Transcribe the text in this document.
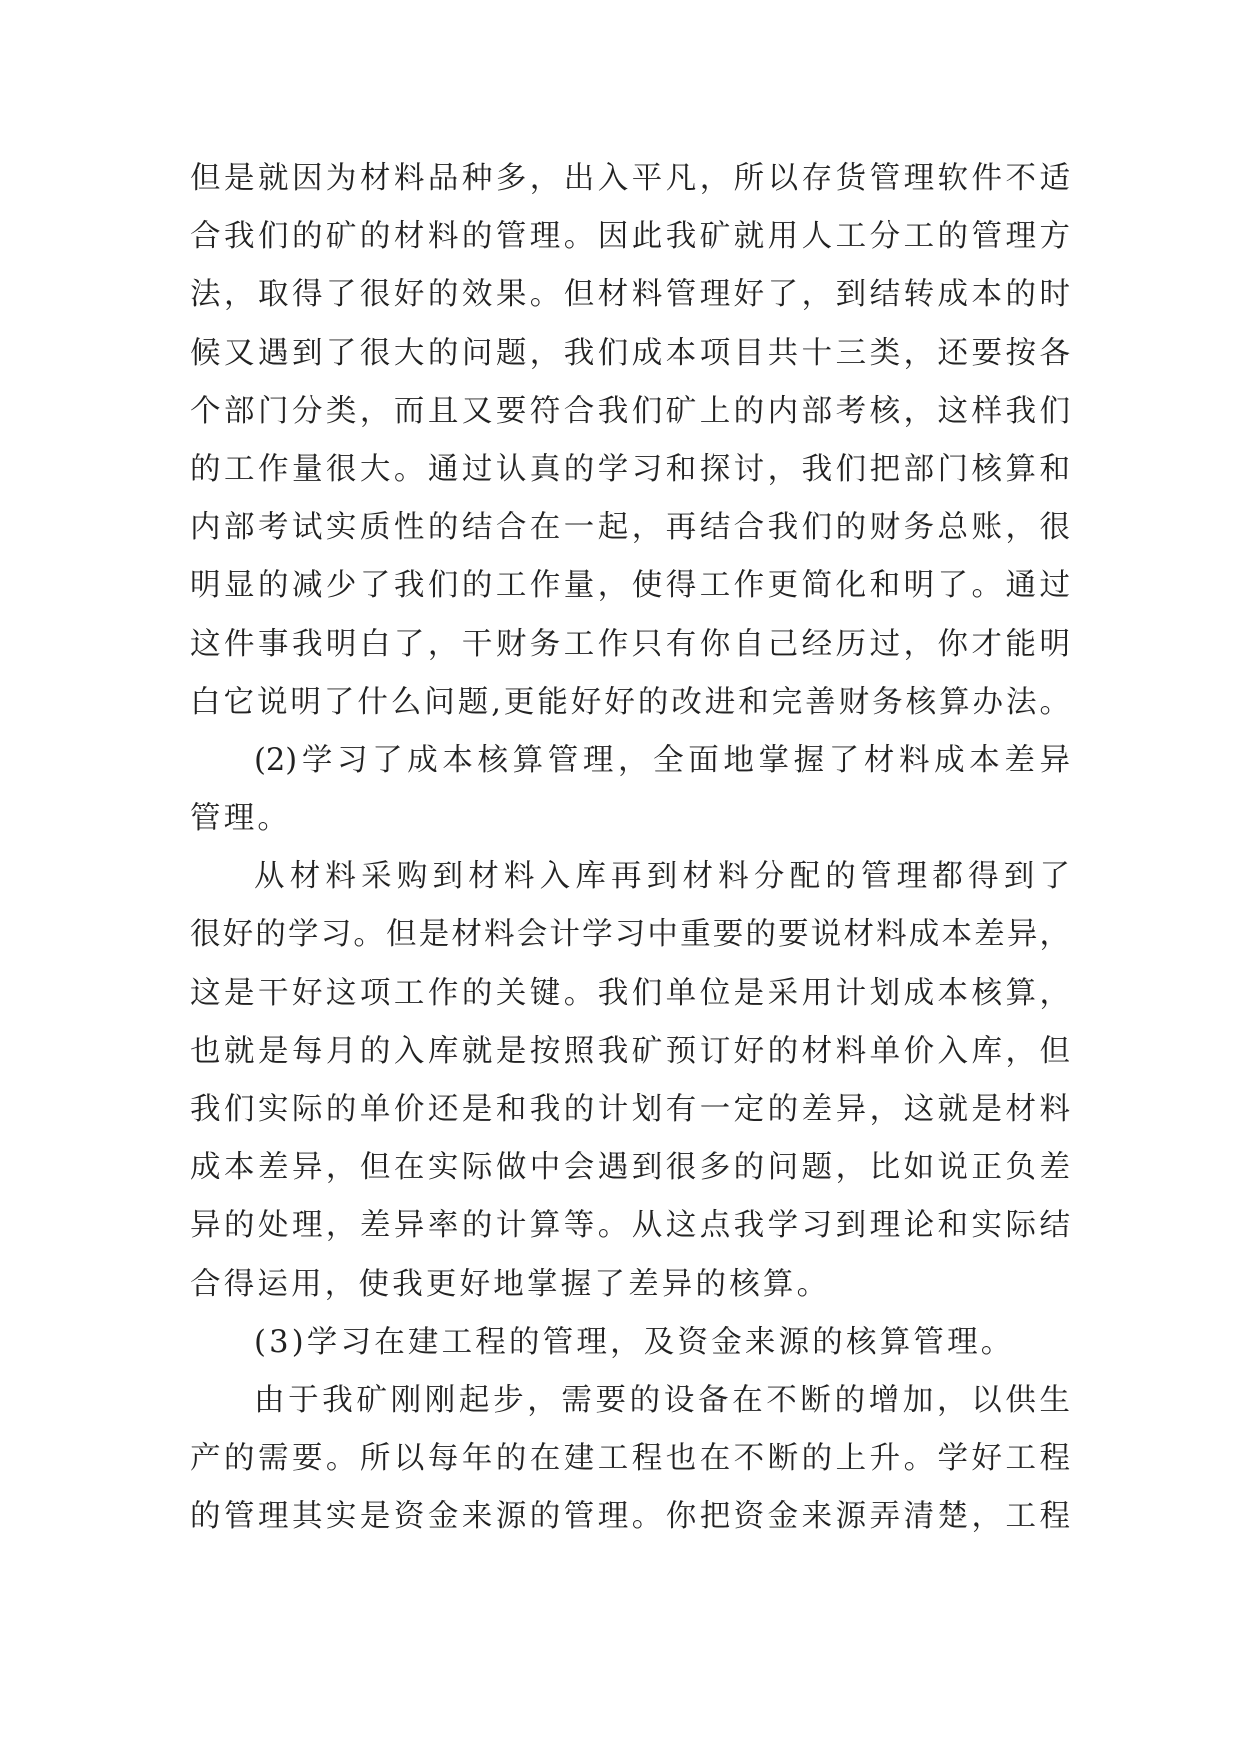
但是就因为材料品种多，出入平凡，所以存货管理软件不适
合我们的矿的材料的管理。因此我矿就用人工分工的管理方
法，取得了很好的效果。但材料管理好了，到结转成本的时
候又遇到了很大的问题，我们成本项目共十三类，还要按各
个部门分类，而且又要符合我们矿上的内部考核，这样我们
的工作量很大。通过认真的学习和探讨，我们把部门核算和
内部考试实质性的结合在一起，再结合我们的财务总账，很
明显的减少了我们的工作量，使得工作更简化和明了。通过
这件事我明白了，干财务工作只有你自己经历过，你才能明
白它说明了什么问题,更能好好的改进和完善财务核算办法。
(2)学习了成本核算管理，全面地掌握了材料成本差异
管理。
从材料采购到材料入库再到材料分配的管理都得到了
很好的学习。但是材料会计学习中重要的要说材料成本差异，
这是干好这项工作的关键。我们单位是采用计划成本核算，
也就是每月的入库就是按照我矿预订好的材料单价入库，但
我们实际的单价还是和我的计划有一定的差异，这就是材料
成本差异，但在实际做中会遇到很多的问题，比如说正负差
异的处理，差异率的计算等。从这点我学习到理论和实际结
合得运用，使我更好地掌握了差异的核算。
(3)学习在建工程的管理，及资金来源的核算管理。
由于我矿刚刚起步，需要的设备在不断的增加，以供生
产的需要。所以每年的在建工程也在不断的上升。学好工程
的管理其实是资金来源的管理。你把资金来源弄清楚，工程
